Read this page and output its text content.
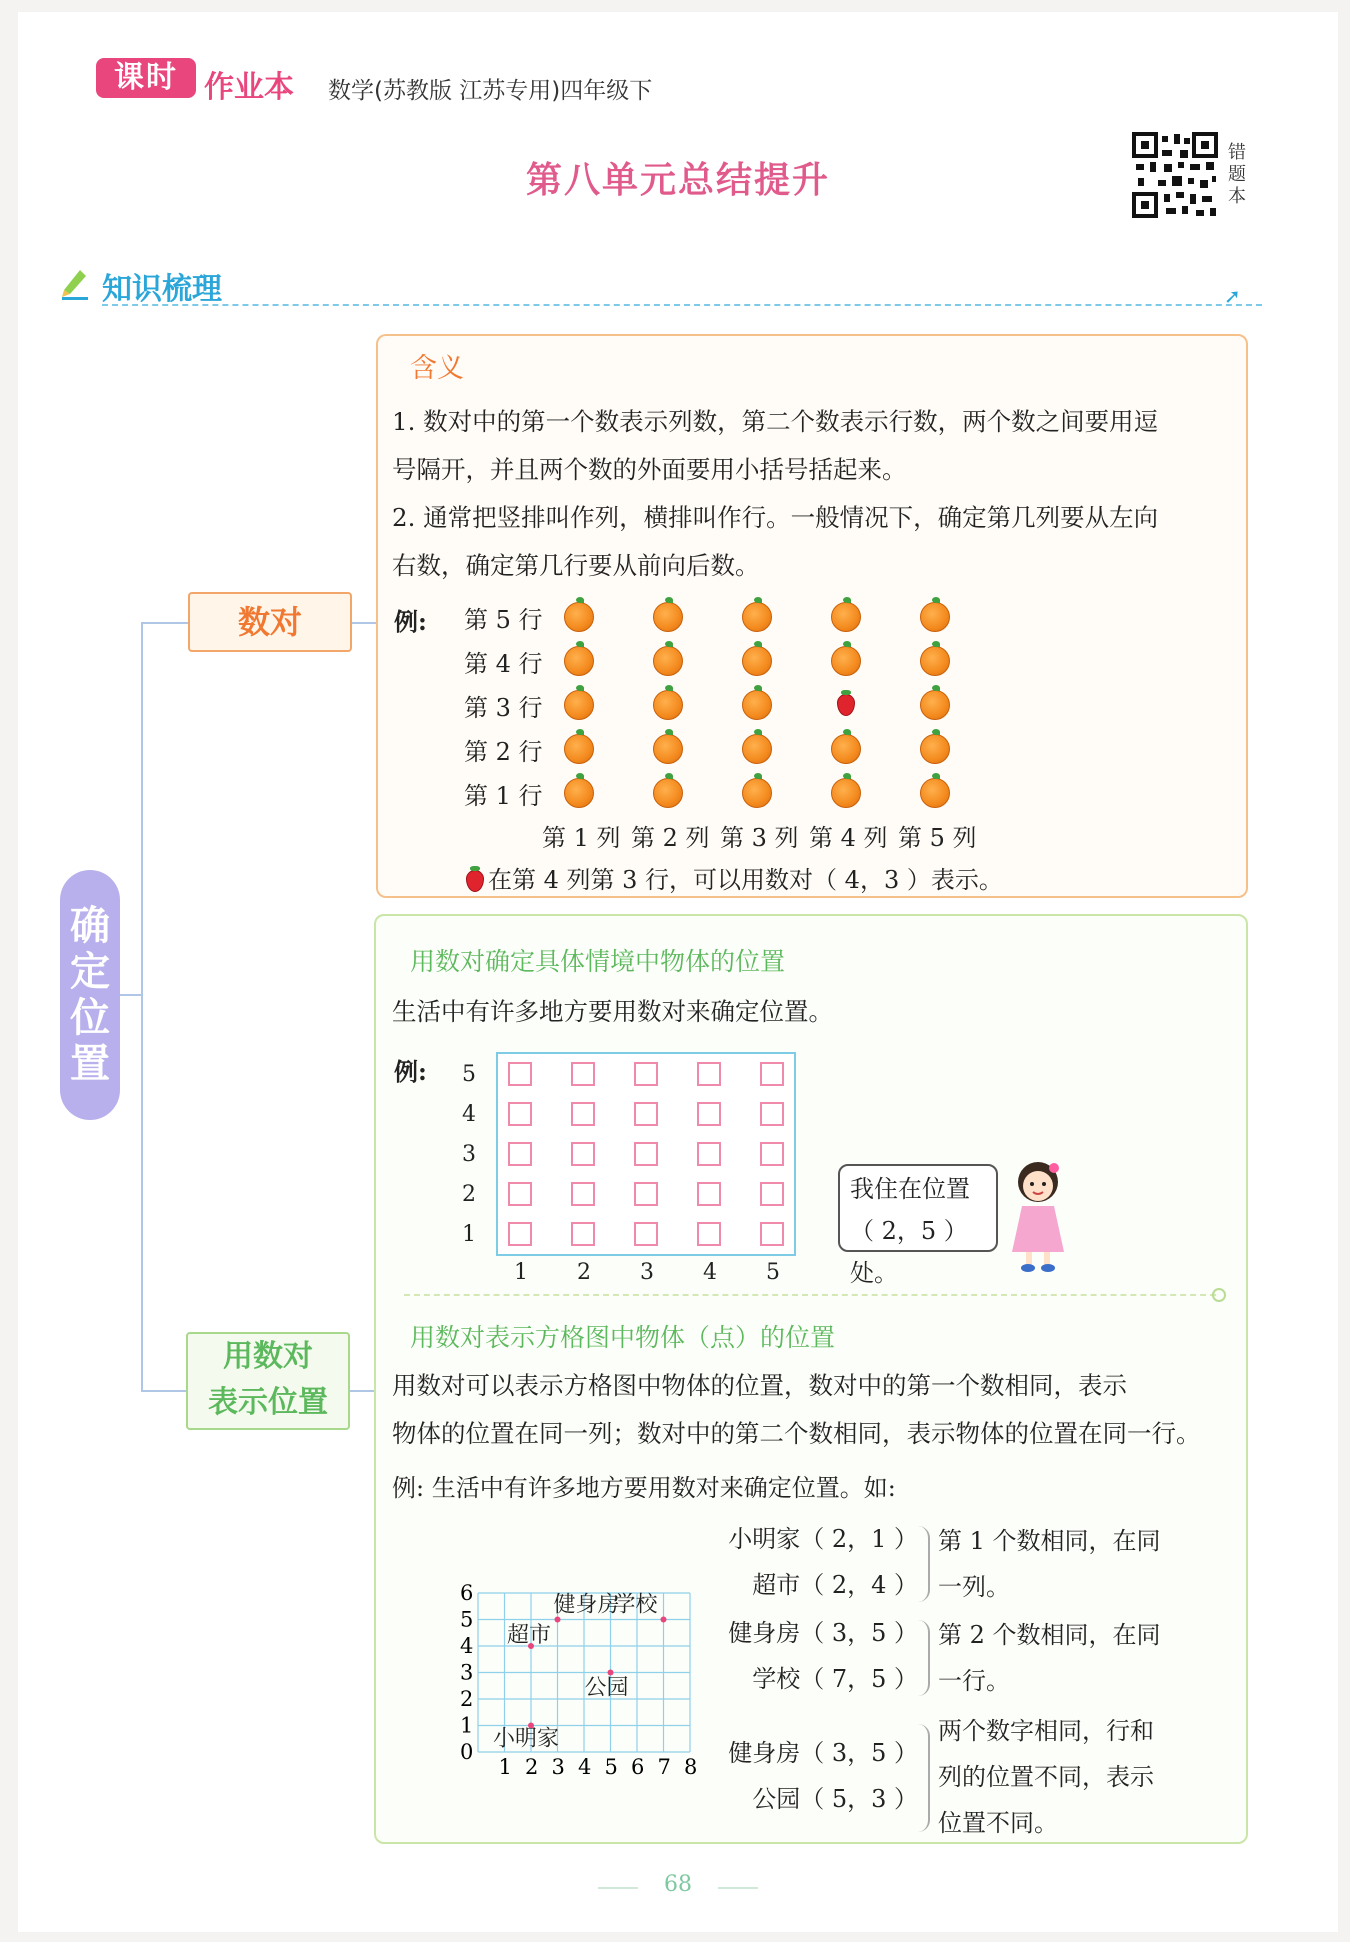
课时 作业本 数学(苏教版 江苏专用)四年级下
第八单元总结提升
错题本
知识梳理	➚
确定位置
数对
用数对
表示位置
含义
1. 数对中的第一个数表示列数，第二个数表示行数，两个数之间要用逗
号隔开，并且两个数的外面要用小括号括起来。
2. 通常把竖排叫作列，横排叫作行。一般情况下，确定第几列要从左向
右数，确定第几行要从前向后数。
例:
在第 4 列第 3 行，可以用数对（ 4，3 ）表示。
用数对确定具体情境中物体的位置
生活中有许多地方要用数对来确定位置。
例:
我住在位置
（ 2，5 ）处。
用数对表示方格图中物体（点）的位置
用数对可以表示方格图中物体的位置，数对中的第一个数相同，表示
物体的位置在同一列；数对中的第二个数相同，表示物体的位置在同一行。
例: 生活中有许多地方要用数对来确定位置。如:
6
5
4
3
2
1
0
1 2 3 4 5 6 7 8
健身房
学校
超市
公园
小明家
小明家（ 2，1 ）
超市（ 2，4 ）
第 1 个数相同，在同
一列。
健身房（ 3，5 ）
学校（ 7，5 ）
第 2 个数相同，在同
一行。
健身房（ 3，5 ）
公园（ 5，3 ）
两个数字相同，行和
列的位置不同，表示
位置不同。
68
第 5 行
第 4 行
第 3 行
第 2 行
第 1 行
第 1 列 第 2 列 第 3 列 第 4 列 第 5 列
5
4
3
2
1
1 2 3 4 5
